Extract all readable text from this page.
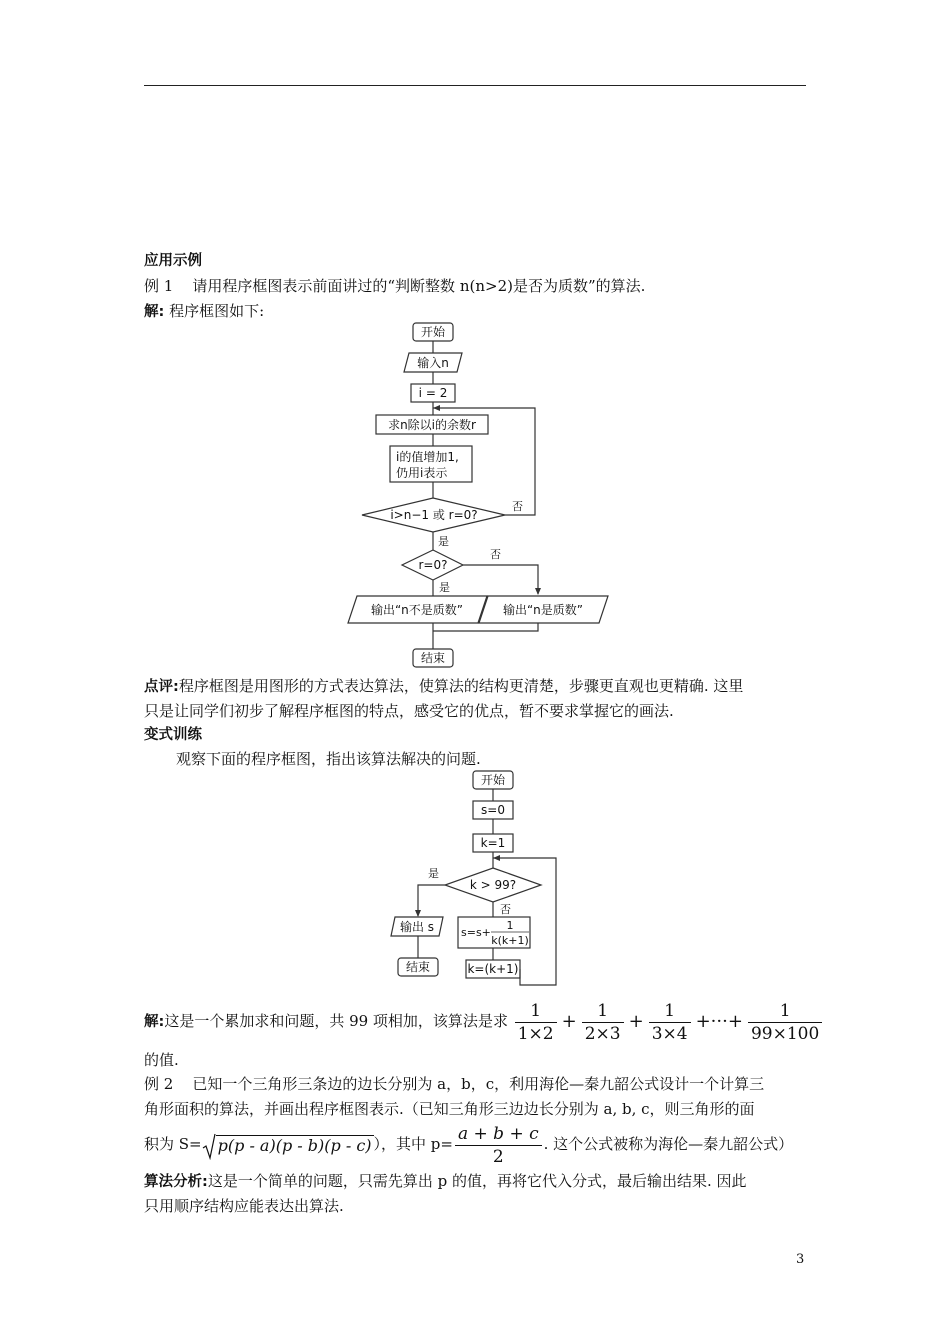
应用示例
例 1 请用程序框图表示前面讲过的“判断整数 n(n>2)是否为质数”的算法.
解: 程序框图如下:
开始
输入n
i = 2
求n除以i的余数r
i的值增加1,
仍用i表示
i>n−1 或 r=0?
否
是
r=0?
否
是
输出“n不是质数”	输出“n是质数”
结束
点评:程序框图是用图形的方式表达算法，使算法的结构更清楚，步骤更直观也更精确. 这里
只是让同学们初步了解程序框图的特点，感受它的优点，暂不要求掌握它的画法.
变式训练
观察下面的程序框图，指出该算法解决的问题.
开始
s=0
k=1
k > 99?
是
输出 s
结束
否
s=s+
1
k(k+1)
k=(k+1)
解:这是一个累加求和问题，共 99 项相加，该算法是求 $\frac{1}{1\times 2} + \frac{1}{2\times 3} + \frac{1}{3\times 4}$ +···+ $\frac{1}{99\times 100}$
的值.
例 2 已知一个三角形三条边的边长分别为 a，b，c，利用海伦—秦九韶公式设计一个计算三
角形面积的算法，并画出程序框图表示.（已知三角形三边边长分别为 a, b, c，则三角形的面
积为 S= p(p - a)(p - b)(p - c) ），其中 $p= \frac{a + b + c}{2}$ . 这个公式被称为海伦—秦九韶公式）
算法分析:这是一个简单的问题，只需先算出 p 的值，再将它代入分式，最后输出结果. 因此
只用顺序结构应能表达出算法.
3
